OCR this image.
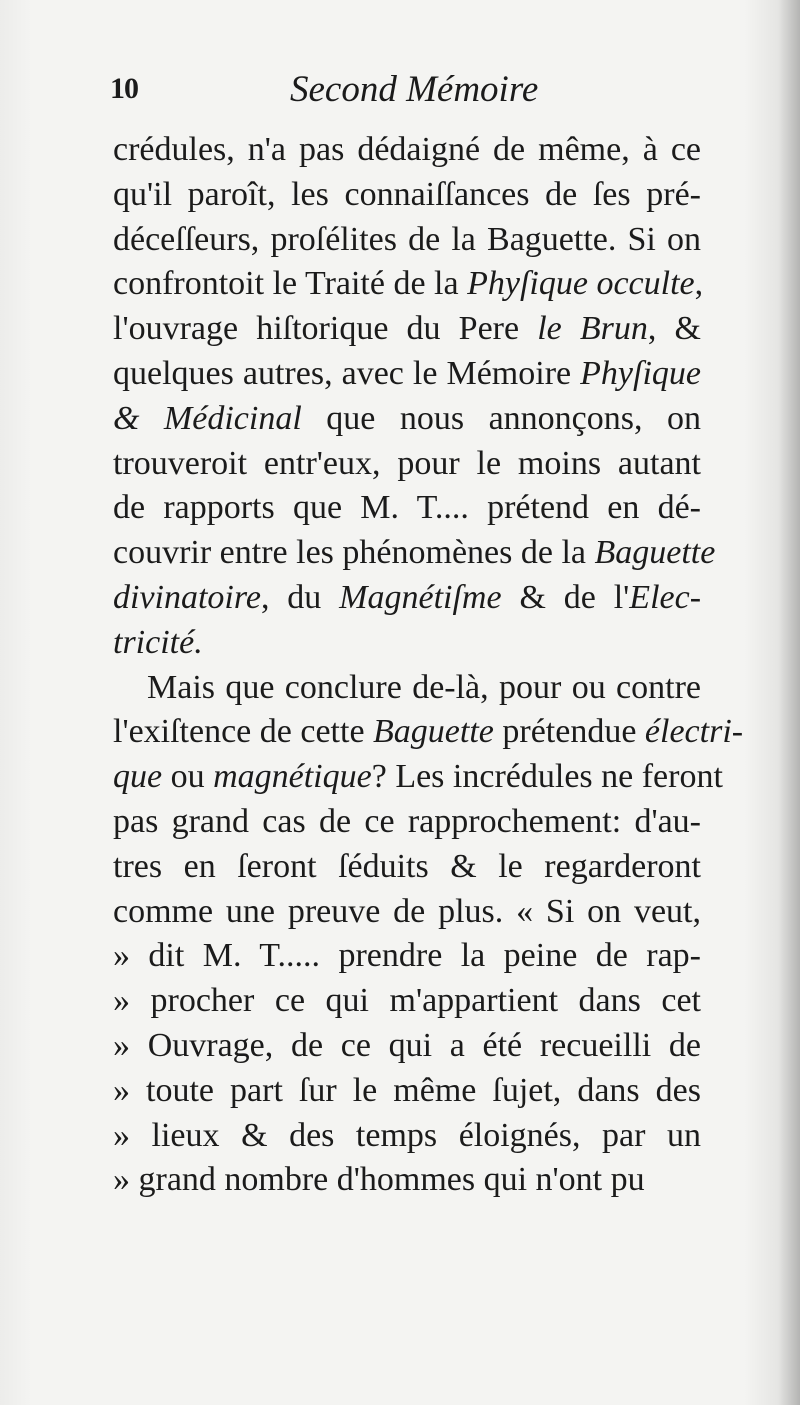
10	Second Mémoire
crédules, n'a pas dédaigné de même, à ce
qu'il paroît, les connaiſſances de ſes pré-
déceſſeurs, proſélites de la Baguette. Si on
confrontoit le Traité de la Phyſique occulte,
l'ouvrage hiſtorique du Pere le Brun, &
quelques autres, avec le Mémoire Phyſique
& Médicinal que nous annonçons, on
trouveroit entr'eux, pour le moins autant
de rapports que M. T.... prétend en dé-
couvrir entre les phénomènes de la Baguette
divinatoire, du Magnétiſme & de l'Elec-
tricité.
Mais que conclure de-là, pour ou contre
l'exiſtence de cette Baguette prétendue électri-
que ou magnétique? Les incrédules ne feront
pas grand cas de ce rapprochement: d'au-
tres en ſeront ſéduits & le regarderont
comme une preuve de plus. « Si on veut,
» dit M. T..... prendre la peine de rap-
» procher ce qui m'appartient dans cet
» Ouvrage, de ce qui a été recueilli de
» toute part ſur le même ſujet, dans des
» lieux & des temps éloignés, par un
» grand nombre d'hommes qui n'ont pu
